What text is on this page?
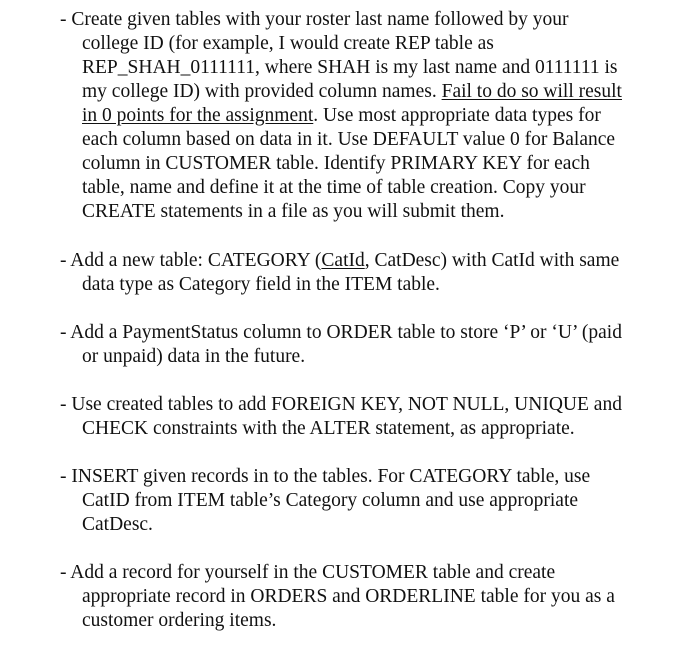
- Create given tables with your roster last name followed by your
college ID (for example, I would create REP table as
REP_SHAH_0111111, where SHAH is my last name and 0111111 is
my college ID) with provided column names. Fail to do so will result
in 0 points for the assignment. Use most appropriate data types for
each column based on data in it. Use DEFAULT value 0 for Balance
column in CUSTOMER table. Identify PRIMARY KEY for each
table, name and define it at the time of table creation. Copy your
CREATE statements in a file as you will submit them.
- Add a new table: CATEGORY (CatId, CatDesc) with CatId with same
data type as Category field in the ITEM table.
- Add a PaymentStatus column to ORDER table to store ‘P’ or ‘U’ (paid
or unpaid) data in the future.
- Use created tables to add FOREIGN KEY, NOT NULL, UNIQUE and
CHECK constraints with the ALTER statement, as appropriate.
- INSERT given records in to the tables. For CATEGORY table, use
CatID from ITEM table’s Category column and use appropriate
CatDesc.
- Add a record for yourself in the CUSTOMER table and create
appropriate record in ORDERS and ORDERLINE table for you as a
customer ordering items.
